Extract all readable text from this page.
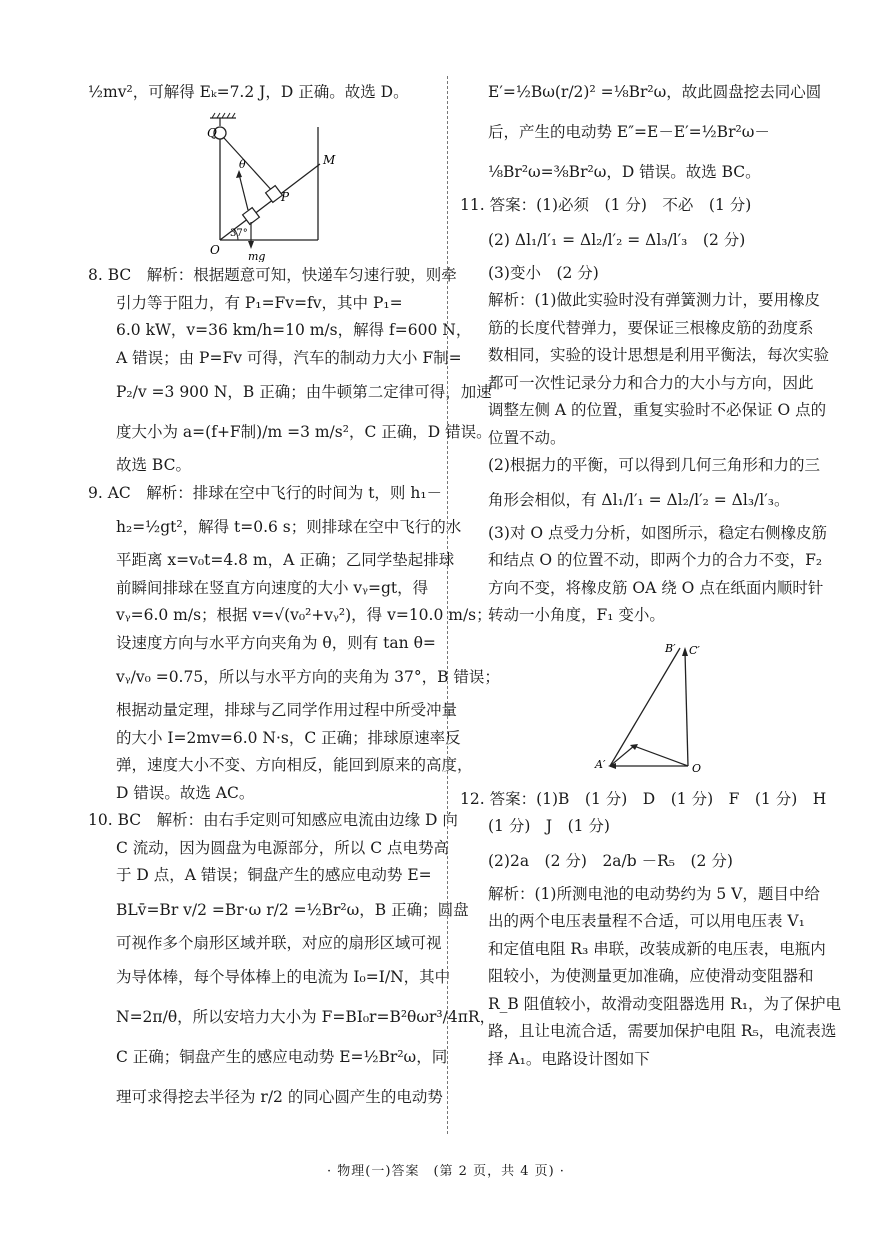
½mv²，可解得 Eₖ=7.2 J，D 正确。故选 D。
Q
θ	M
P
O
37°
mg
8. BC　解析：根据题意可知，快递车匀速行驶，则牵
引力等于阻力，有 P₁=Fv=fv，其中 P₁=
6.0 kW，v=36 km/h=10 m/s，解得 f=600 N，
A 错误；由 P=Fv 可得，汽车的制动力大小 F制=
P₂/v =3 900 N，B 正确；由牛顿第二定律可得，加速
度大小为 a=(f+F制)/m =3 m/s²，C 正确，D 错误。
故选 BC。
9. AC　解析：排球在空中飞行的时间为 t，则 h₁－
h₂=½gt²，解得 t=0.6 s；则排球在空中飞行的水
平距离 x=v₀t=4.8 m，A 正确；乙同学垫起排球
前瞬间排球在竖直方向速度的大小 vᵧ=gt，得
vᵧ=6.0 m/s；根据 v=√(v₀²+vᵧ²)，得 v=10.0 m/s；
设速度方向与水平方向夹角为 θ，则有 tan θ=
vᵧ/v₀ =0.75，所以与水平方向的夹角为 37°，B 错误；
根据动量定理，排球与乙同学作用过程中所受冲量
的大小 I=2mv=6.0 N·s，C 正确；排球原速率反
弹，速度大小不变、方向相反，能回到原来的高度，
D 错误。故选 AC。
10. BC　解析：由右手定则可知感应电流由边缘 D 向
C 流动，因为圆盘为电源部分，所以 C 点电势高
于 D 点，A 错误；铜盘产生的感应电动势 E=
BLv̄=Br v/2 =Br·ω r/2 =½Br²ω，B 正确；圆盘
可视作多个扇形区域并联，对应的扇形区域可视
为导体棒，每个导体棒上的电流为 I₀=I/N，其中
N=2π/θ，所以安培力大小为 F=BI₀r=B²θωr³/4πR，
C 正确；铜盘产生的感应电动势 E=½Br²ω，同
理可求得挖去半径为 r/2 的同心圆产生的电动势
E′=½Bω(r/2)² =⅛Br²ω，故此圆盘挖去同心圆
后，产生的电动势 E″=E－E′=½Br²ω－
⅛Br²ω=⅜Br²ω，D 错误。故选 BC。
11. 答案：(1)必须　(1 分)　不必　(1 分)
(2) Δl₁/l′₁ = Δl₂/l′₂ = Δl₃/l′₃　(2 分)
(3)变小　(2 分)
解析：(1)做此实验时没有弹簧测力计，要用橡皮
筋的长度代替弹力，要保证三根橡皮筋的劲度系
数相同，实验的设计思想是利用平衡法，每次实验
都可一次性记录分力和合力的大小与方向，因此
调整左侧 A 的位置，重复实验时不必保证 O 点的
位置不动。
(2)根据力的平衡，可以得到几何三角形和力的三
角形会相似，有 Δl₁/l′₁ = Δl₂/l′₂ = Δl₃/l′₃。
(3)对 O 点受力分析，如图所示，稳定右侧橡皮筋
和结点 O 的位置不动，即两个力的合力不变，F₂
方向不变，将橡皮筋 OA 绕 O 点在纸面内顺时针
转动一小角度，F₁ 变小。
B′ C′
A′	O
12. 答案：(1)B　(1 分)　D　(1 分)　F　(1 分)　H
(1 分)　J　(1 分)
(2)2a　(2 分)　2a/b －R₅　(2 分)
解析：(1)所测电池的电动势约为 5 V，题目中给
出的两个电压表量程不合适，可以用电压表 V₁
和定值电阻 R₃ 串联，改装成新的电压表，电瓶内
阻较小，为使测量更加准确，应使滑动变阻器和
R_B 阻值较小，故滑动变阻器选用 R₁，为了保护电
路，且让电流合适，需要加保护电阻 R₅，电流表选
择 A₁。电路设计图如下
· 物理(一)答案　(第 2 页，共 4 页) ·
